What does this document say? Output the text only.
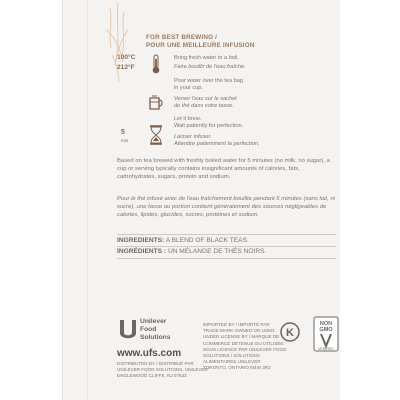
FOR BEST BREWING /
POUR UNE MEILLEURE INFUSION
100°C
212°F
Bring fresh water to a boil.
Faire bouillir de l'eau fraîche.
Pour water over the tea bag
in your cup.
Verser l'eau sur le sachet
de thé dans votre tasse.
Let it brew.
Wait patiently for perfection.
Laisser infuser.
Attendre patiemment la perfection.
5
min.
Based on tea brewed with freshly boiled water for 5 minutes (no milk, no sugar), a cup or serving typically contains insignificant amounts of calories, fats, carbohydrates, sugars, protein and sodium.
Pour le thé infusé avec de l'eau fraîchement bouillie pendant 5 minutes (sans lait, ni sucre), une tasse ou portion contient généralement des sources négligeables de calories, lipides, glucides, sucres, protéines et sodium.
INGREDIENTS: A BLEND OF BLACK TEAS.
INGRÉDIENTS : UN MÉLANGE DE THÉS NOIRS.
Unilever
Food
Solutions
www.ufs.com
DISTRIBUTED BY / DISTRIBUÉ PAR
UNILEVER FOOD SOLUTIONS, UNILEVER
ENGLEWOOD CLIFFS, NJ 07632
IMPORTED BY / IMPORTÉ PAR
TRADE-MARK OWNED OR USED
UNDER LICENSE BY / MARQUE DE
COMMERCE DÉTENUE OU UTILISÉE
SOUS LICENCE PAR UNILEVER FOOD
SOLUTIONS / SOLUTIONS
ALIMENTAIRES UNILEVER
TORONTO, ONTARIO M4W 3R2
K
NON
GMO
VERIFIED
